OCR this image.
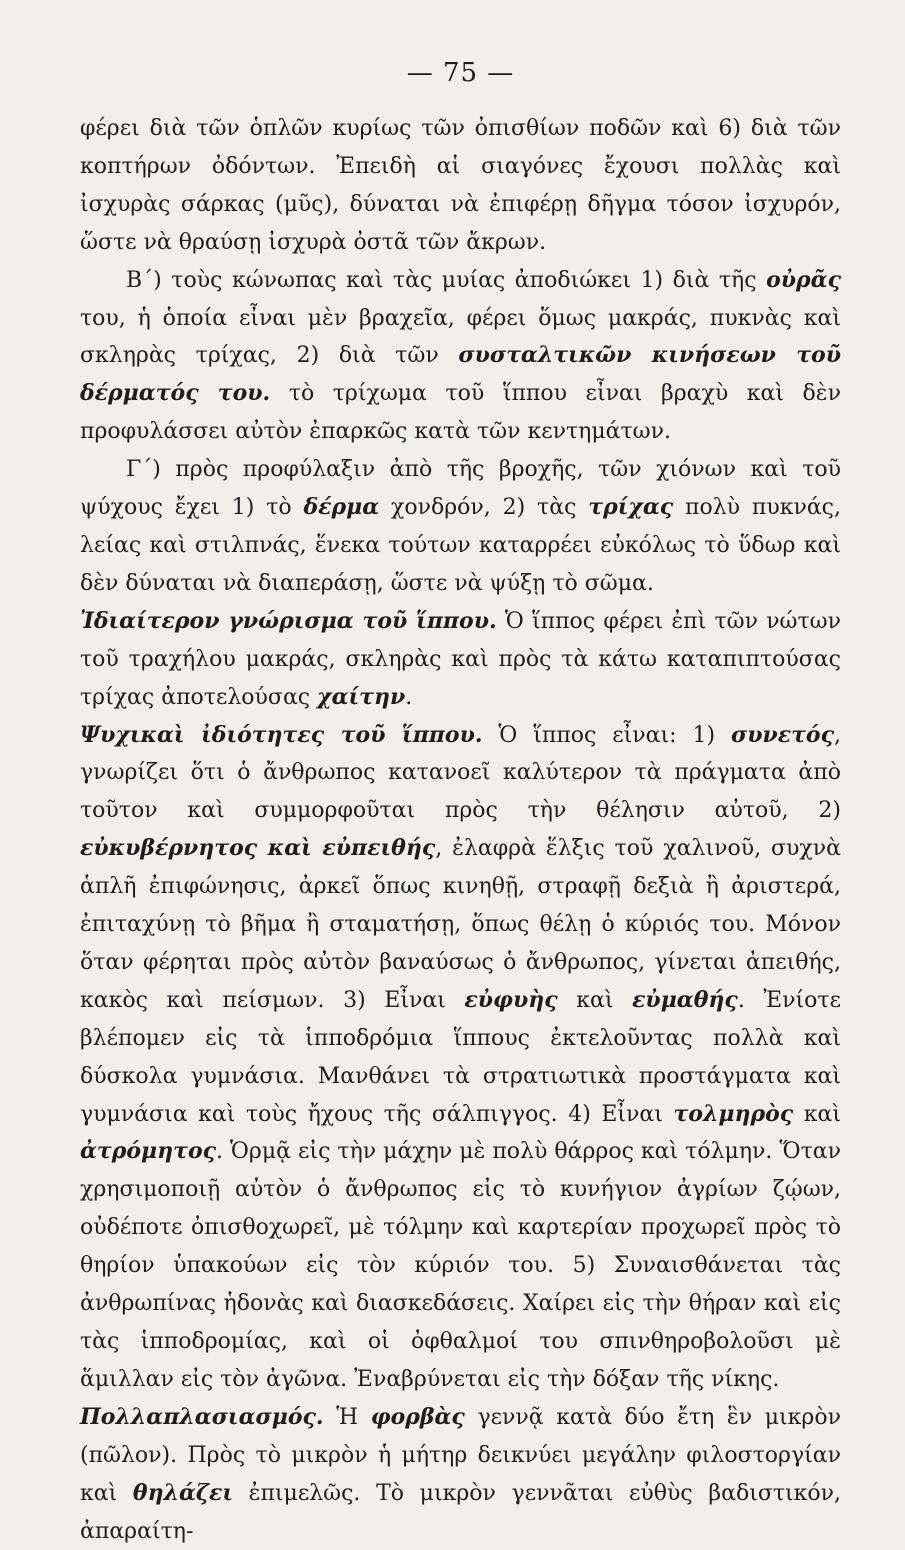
— 75 —

φέρει διὰ τῶν ὁπλῶν κυρίως τῶν ὀπισθίων ποδῶν καὶ 6) διὰ τῶν κοπτήρων ὀδόντων. Ἐπειδὴ αἱ σιαγόνες ἔχουσι πολλὰς καὶ ἰσχυρὰς σάρκας (μῦς), δύναται νὰ ἐπιφέρῃ δῆγμα τόσον ἰσχυρόν, ὥστε νὰ θραύσῃ ἰσχυρὰ ὀστᾶ τῶν ἄκρων.

Β΄) τοὺς κώνωπας καὶ τὰς μυίας ἀποδιώκει 1) διὰ τῆς οὐρᾶς του, ἡ ὁποία εἶναι μὲν βραχεῖα, φέρει ὅμως μακράς, πυκνὰς καὶ σκληρὰς τρίχας, 2) διὰ τῶν συσταλτικῶν κινήσεων τοῦ δέρματός του. τὸ τρίχωμα τοῦ ἵππου εἶναι βραχὺ καὶ δὲν προφυλάσσει αὐτὸν ἐπαρκῶς κατὰ τῶν κεντημάτων.

Γ΄) πρὸς προφύλαξιν ἀπὸ τῆς βροχῆς, τῶν χιόνων καὶ τοῦ ψύχους ἔχει 1) τὸ δέρμα χονδρόν, 2) τὰς τρίχας πολὺ πυκνάς, λείας καὶ στιλπνάς, ἕνεκα τούτων καταρρέει εὐκόλως τὸ ὕδωρ καὶ δὲν δύναται νὰ διαπεράσῃ, ὥστε νὰ ψύξῃ τὸ σῶμα.

Ἰδιαίτερον γνώρισμα τοῦ ἵππου. Ὁ ἵππος φέρει ἐπὶ τῶν νώτων τοῦ τραχήλου μακράς, σκληρὰς καὶ πρὸς τὰ κάτω καταπιπτούσας τρίχας ἀποτελούσας χαίτην.

Ψυχικαὶ ἰδιότητες τοῦ ἵππου. Ὁ ἵππος εἶναι: 1) συνετός, γνωρίζει ὅτι ὁ ἄνθρωπος κατανοεῖ καλύτερον τὰ πράγματα ἀπὸ τοῦτον καὶ συμμορφοῦται πρὸς τὴν θέλησιν αὐτοῦ, 2) εὐκυβέρνητος καὶ εὐπειθής, ἐλαφρὰ ἕλξις τοῦ χαλινοῦ, συχνὰ ἁπλῆ ἐπιφώνησις, ἀρκεῖ ὅπως κινηθῇ, στραφῇ δεξιὰ ἢ ἀριστερά, ἐπιταχύνῃ τὸ βῆμα ἢ σταματήσῃ, ὅπως θέλῃ ὁ κύριός του. Μόνον ὅταν φέρηται πρὸς αὐτὸν βαναύσως ὁ ἄνθρωπος, γίνεται ἀπειθής, κακὸς καὶ πείσμων. 3) Εἶναι εὐφυὴς καὶ εὐμαθής. Ἐνίοτε βλέπομεν εἰς τὰ ἱπποδρόμια ἵππους ἐκτελοῦντας πολλὰ καὶ δύσκολα γυμνάσια. Μανθάνει τὰ στρατιωτικὰ προστάγματα καὶ γυμνάσια καὶ τοὺς ἤχους τῆς σάλπιγγος. 4) Εἶναι τολμηρὸς καὶ ἀτρόμητος. Ὁρμᾷ εἰς τὴν μάχην μὲ πολὺ θάρρος καὶ τόλμην. Ὅταν χρησιμοποιῇ αὐτὸν ὁ ἄνθρωπος εἰς τὸ κυνήγιον ἀγρίων ζῴων, οὐδέποτε ὀπισθοχωρεῖ, μὲ τόλμην καὶ καρτερίαν προχωρεῖ πρὸς τὸ θηρίον ὑπακούων εἰς τὸν κύριόν του. 5) Συναισθάνεται τὰς ἀνθρωπίνας ἡδονὰς καὶ διασκεδάσεις. Χαίρει εἰς τὴν θήραν καὶ εἰς τὰς ἱπποδρομίας, καὶ οἱ ὀφθαλμοί του σπινθηροβολοῦσι μὲ ἅμιλλαν εἰς τὸν ἀγῶνα. Ἐναβρύνεται εἰς τὴν δόξαν τῆς νίκης.

Πολλαπλασιασμός. Ἡ φορβὰς γεννᾷ κατὰ δύο ἔτη ἓν μικρὸν (πῶλον). Πρὸς τὸ μικρὸν ἡ μήτηρ δεικνύει μεγάλην φιλοστοργίαν καὶ θηλάζει ἐπιμελῶς. Τὸ μικρὸν γεννᾶται εὐθὺς βαδιστικόν, ἀπαραίτη-
